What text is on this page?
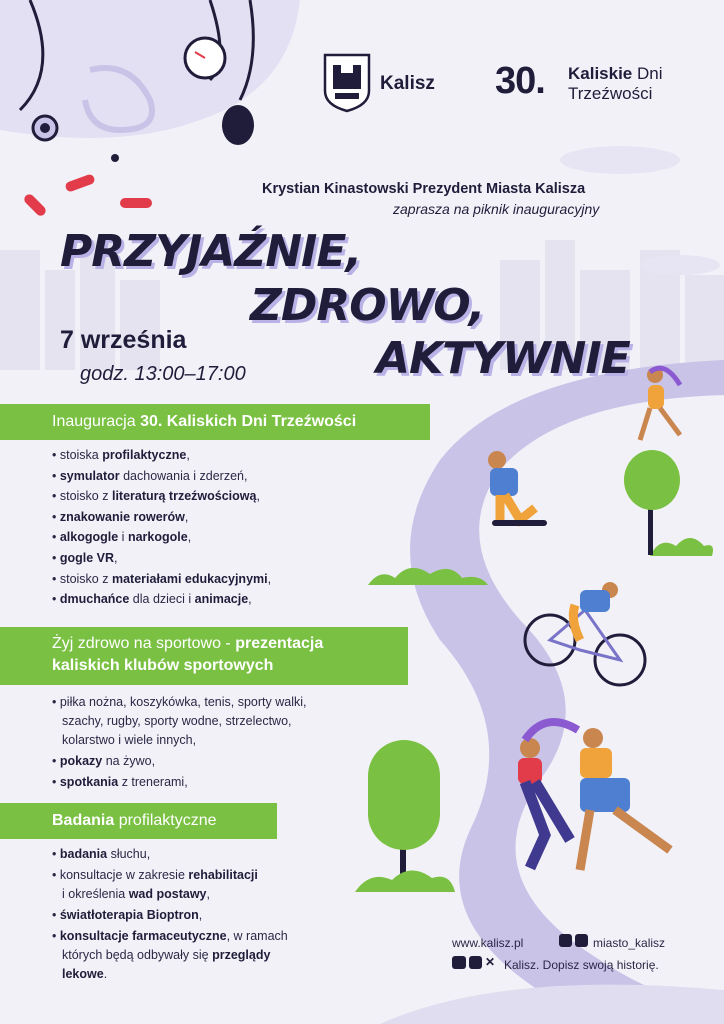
Kalisz 30. Kaliskie Dni
Trzeźwości
Krystian Kinastowski Prezydent Miasta Kalisza
zaprasza na piknik inauguracyjny
PRZYJAŹNIE,
ZDROWO,
AKTYWNIE
7 września
godz. 13:00–17:00
Inauguracja 30. Kaliskich Dni Trzeźwości
• stoiska profilaktyczne,
• symulator dachowania i zderzeń,
• stoisko z literaturą trzeźwościową,
• znakowanie rowerów,
• alkogogle i narkogole,
• gogle VR,
• stoisko z materiałami edukacyjnymi,
• dmuchańce dla dzieci i animacje,
Żyj zdrowo na sportowo - prezentacja
kaliskich klubów sportowych
• piłka nożna, koszykówka, tenis, sporty walki,
szachy, rugby, sporty wodne, strzelectwo,
kolarstwo i wiele innych,
• pokazy na żywo,
• spotkania z trenerami,
Badania profilaktyczne
• badania słuchu,
• konsultacje w zakresie rehabilitacji
i określenia wad postawy,
• światłoterapia Bioptron,
• konsultacje farmaceutyczne, w ramach
których będą odbywały się przeglądy
lekowe.
www.kalisz.pl	miasto_kalisz
✕ Kalisz. Dopisz swoją historię.
